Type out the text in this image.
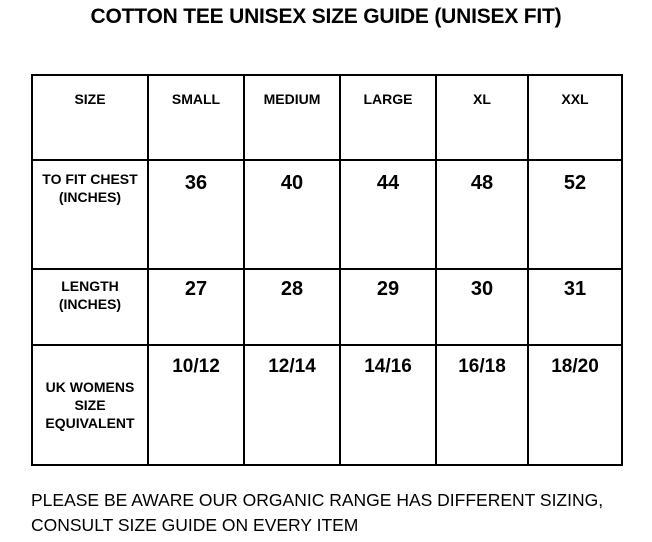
COTTON TEE UNISEX SIZE GUIDE (UNISEX FIT)
SIZE	SMALL	MEDIUM	LARGE	XL	XXL
TO FIT CHEST (INCHES)	36	40	44	48	52
LENGTH (INCHES)	27	28	29	30	31
UK WOMENS SIZE EQUIVALENT	10/12	12/14	14/16	16/18	18/20
PLEASE BE AWARE OUR ORGANIC RANGE HAS DIFFERENT SIZING, CONSULT SIZE GUIDE ON EVERY ITEM
